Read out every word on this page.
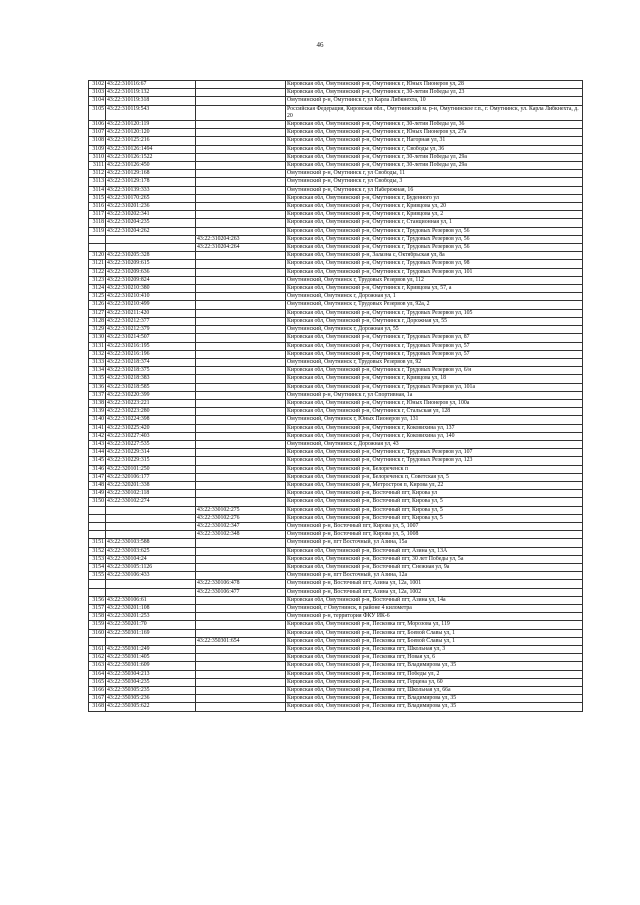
46
3102	43:22:310116:67		Кировская обл, Омутнинский р-н, Омутнинск г, Юных Пионеров ул, 28
3103	43:22:310119:132		Кировская обл, Омутнинский р-н, Омутнинск г, 30-летия Победы ул, 23
3104	43:22:310119:318		Омутнинский р-н, Омутнинск г, ул Карла Либкнехта, 10
3105	43:22:310119:543		Российская Федерация, Кировская обл., Омутнинский м. р-н, Омутнинское г.п., г. Омутнинск, ул. Карла Либкнехта, д. 20
3106	43:22:310120:119		Кировская обл, Омутнинский р-н, Омутнинск г, 30-летия Победы ул, 36
3107	43:22:310120:120		Кировская обл, Омутнинский р-н, Омутнинск г, Юных Пионеров ул, 27а
3108	43:22:310125:216		Кировская обл, Омутнинский р-н, Омутнинск г, Нагорная ул, 31
3109	43:22:310126:1494		Кировская обл, Омутнинский р-н, Омутнинск г, Свободы ул, 36
3110	43:22:310126:1522		Кировская обл, Омутнинский р-н, Омутнинск г, 30-летия Победы ул, 29а
3111	43:22:310126:450		Кировская обл, Омутнинский р-н, Омутнинск г, 30-летия Победы ул, 29а
3112	43:22:310129:168		Омутнинский р-н, Омутнинск г, ул Свободы, 11
3113	43:22:310129:178		Омутнинский р-н, Омутнинск г, ул Свободы, 3
3114	43:22:310139:333		Омутнинский р-н, Омутнинск г, ул Набережная, 16
3115	43:22:310170:265		Кировская обл, Омутнинский р-н, Омутнинск г, Буденного ул
3116	43:22:310201:236		Кировская обл, Омутнинский р-н, Омутнинск г, Кривцова ул, 20
3117	43:22:310202:341		Кировская обл, Омутнинский р-н, Омутнинск г, Кривцова ул, 2
3118	43:22:310204:235		Кировская обл, Омутнинский р-н, Омутнинск г, Станционная ул, 1
3119	43:22:310204:262		Кировская обл, Омутнинский р-н, Омутнинск г, Трудовых Резервов ул, 56
		43:22:310204:263	Кировская обл, Омутнинский р-н, Омутнинск г, Трудовых Резервов ул, 56
		43:22:310204:264	Кировская обл, Омутнинский р-н, Омутнинск г, Трудовых Резервов ул, 56
3120	43:22:310205:328		Кировская обл, Омутнинский р-н, Залазна с, Октябрьская ул, 8а
3121	43:22:310209:615		Кировская обл, Омутнинский р-н, Омутнинск г, Трудовых Резервов ул, 98
3122	43:22:310209:636		Кировская обл, Омутнинский р-н, Омутнинск г, Трудовых Резервов ул, 101
3123	43:22:310209:824		Омутнинский, Омутнинск г, Трудовых Резервов ул, 112
3124	43:22:310210:380		Кировская обл, Омутнинский р-н, Омутнинск г, Кривцова ул, 57, а
3125	43:22:310210:410		Омутнинский, Омутнинск г, Дорожная ул, 1
3126	43:22:310210:499		Омутнинский, Омутнинск г, Трудовых Резервов ул, 92а, 2
3127	43:22:310211:420		Кировская обл, Омутнинский р-н, Омутнинск г, Трудовых Резервов ул, 105
3128	43:22:310212:377		Кировская обл, Омутнинский р-н, Омутнинск г, Дорожная ул, 55
3129	43:22:310212:379		Омутнинский, Омутнинск г, Дорожная ул, 55
3130	43:22:310214:507		Кировская обл, Омутнинский р-н, Омутнинск г, Трудовых Резервов ул, 87
3131	43:22:310216:195		Кировская обл, Омутнинский р-н, Омутнинск г, Трудовых Резервов ул, 57
3132	43:22:310216:196		Кировская обл, Омутнинский р-н, Омутнинск г, Трудовых Резервов ул, 57
3133	43:22:310218:374		Омутнинский, Омутнинск г, Трудовых Резервов ул, 92
3134	43:22:310218:375		Кировская обл, Омутнинский р-н, Омутнинск г, Трудовых Резервов ул, 6/н
3135	43:22:310218:383		Кировская обл, Омутнинский р-н, Омутнинск г, Кривцова ул, 18
3136	43:22:310218:585		Кировская обл, Омутнинский р-н, Омутнинск г, Трудовых Резервов ул, 101а
3137	43:22:310220:399		Омутнинский р-н, Омутнинск г, ул Спортивная, 1а
3138	43:22:310223:221		Кировская обл, Омутнинский р-н, Омутнинск г, Юных Пионеров ул, 100а
3139	43:22:310223:280		Кировская обл, Омутнинский р-н, Омутнинск г, Стальская ул, 128
3140	43:22:310224:398		Омутнинский, Омутнинск г, Юных Пионеров ул, 131
3141	43:22:310225:420		Кировская обл, Омутнинский р-н, Омутнинск г, Коковихина ул, 137
3142	43:22:310227:403		Кировская обл, Омутнинский р-н, Омутнинск г, Коковихина ул, 140
3143	43:22:310227:535		Омутнинский, Омутнинск г, Дорожная ул, 43
3144	43:22:310229:314		Кировская обл, Омутнинский р-н, Омутнинск г, Трудовых Резервов ул, 107
3145	43:22:310229:315		Кировская обл, Омутнинский р-н, Омутнинск г, Трудовых Резервов ул, 123
3146	43:22:320101:250		Кировская обл, Омутнинский р-н, Белореченск п
3147	43:22:320106:177		Кировская обл, Омутнинский р-н, Белореченск п, Советская ул, 5
3148	43:22:320201:338		Кировская обл, Омутнинский р-н, Метростроя п, Кирова ул, 22
3149	43:22:330102:118		Кировская обл, Омутнинский р-н, Восточный пгт, Кирова ул
3150	43:22:330102:274		Кировская обл, Омутнинский р-н, Восточный пгт, Кирова ул, 5
		43:22:330102:275	Кировская обл, Омутнинский р-н, Восточный пгт, Кирова ул, 5
		43:22:330102:276	Кировская обл, Омутнинский р-н, Восточный пгт, Кирова ул, 5
		43:22:330102:347	Омутнинский р-н, Восточный пгт, Кирова ул, 5, 1007
		43:22:330102:348	Омутнинский р-н, Восточный пгт, Кирова ул, 5, 1008
3151	43:22:330103:588		Омутнинский р-н, пгт Восточный, ул Азина, 15а
3152	43:22:330103:625		Кировская обл, Омутнинский р-н, Восточный пгт, Азина ул, 13А
3153	43:22:330104:24		Кировская обл, Омутнинский р-н, Восточный пгт, 30 лет Победы ул, 5а
3154	43:22:330105:1126		Кировская обл, Омутнинский р-н, Восточный пгт, Снежная ул, 9а
3155	43:22:330106:433		Омутнинский р-н, пгт Восточный, ул Азина, 12а
		43:22:330106:478	Омутнинский р-н, Восточный пгт, Азина ул, 12а, 1001
		43:22:330106:477	Омутнинский р-н, Восточный пгт, Азина ул, 12а, 1002
3156	43:22:330106:61		Кировская обл, Омутнинский р-н, Восточный пгт, Азина ул, 14а
3157	43:22:330201:108		Омутнинский, г Омутнинск, в районе 4 километра
3158	43:22:330201:253		Омутнинский р-н, территория ФКУ ИК-6
3159	43:22:350201:70		Кировская обл, Омутнинский р-н, Песковка пгт, Морозова ул, 119
3160	43:22:350301:169		Кировская обл, Омутнинский р-н, Песковка пгт, Боевой Славы ул, 1
		43:22:350301:654	Кировская обл, Омутнинский р-н, Песковка пгт, Боевой Славы ул, 1
3161	43:22:350301:249		Кировская обл, Омутнинский р-н, Песковка пгт, Школьная ул, 3
3162	43:22:350301:405		Кировская обл, Омутнинский р-н, Песковка пгт, Новая ул, 6
3163	43:22:350301:609		Кировская обл, Омутнинский р-н, Песковка пгт, Владимирова ул, 35
3164	43:22:350304:213		Кировская обл, Омутнинский р-н, Песковка пгт, Победы ул, 2
3165	43:22:350304:235		Кировская обл, Омутнинский р-н, Песковка пгт, Герцена ул, 60
3166	43:22:350305:235		Кировская обл, Омутнинский р-н, Песковка пгт, Школьная ул, 66а
3167	43:22:350305:236		Кировская обл, Омутнинский р-н, Песковка пгт, Владимирова ул, 35
3168	43:22:350305:622		Кировская обл, Омутнинский р-н, Песковка пгт, Владимирова ул, 35
